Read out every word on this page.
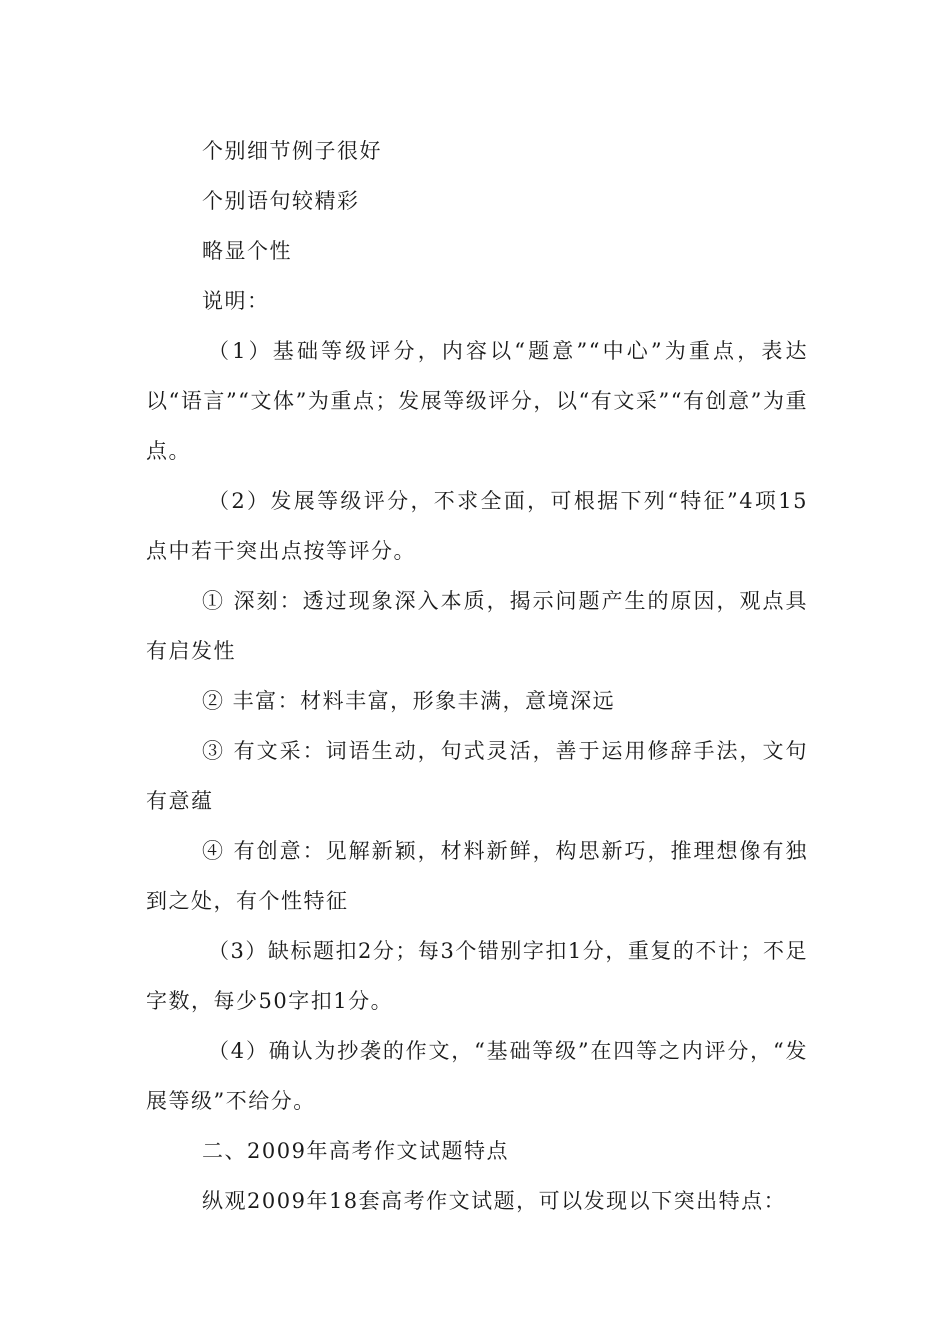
个别细节例子很好

个别语句较精彩

略显个性

说明：

（1）基础等级评分，内容以“题意”“中心”为重点，表达以“语言”“文体”为重点；发展等级评分，以“有文采”“有创意”为重点。

（2）发展等级评分，不求全面，可根据下列“特征”4项15点中若干突出点按等评分。

① 深刻：透过现象深入本质，揭示问题产生的原因，观点具有启发性

② 丰富：材料丰富，形象丰满，意境深远

③ 有文采：词语生动，句式灵活，善于运用修辞手法，文句有意蕴

④ 有创意：见解新颖，材料新鲜，构思新巧，推理想像有独到之处，有个性特征

（3）缺标题扣2分；每3个错别字扣1分，重复的不计；不足字数，每少50字扣1分。

（4）确认为抄袭的作文，“基础等级”在四等之内评分，“发展等级”不给分。

二、2009年高考作文试题特点

纵观2009年18套高考作文试题，可以发现以下突出特点：
